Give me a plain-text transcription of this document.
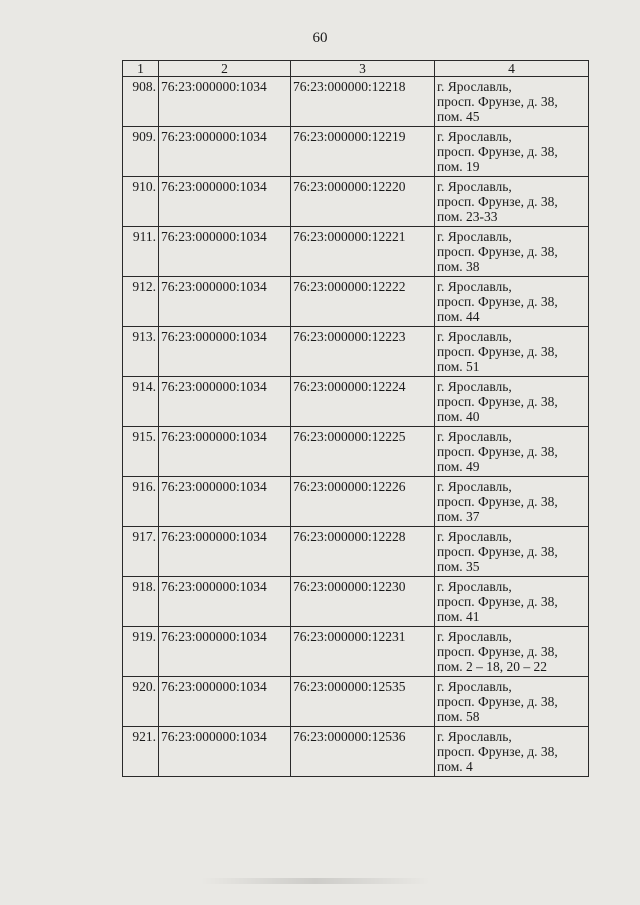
60
1	2	3	4
908.	76:23:000000:1034	76:23:000000:12218	г. Ярославль,
просп. Фрунзе, д. 38,
пом. 45

909.	76:23:000000:1034	76:23:000000:12219	г. Ярославль,
просп. Фрунзе, д. 38,
пом. 19

910.	76:23:000000:1034	76:23:000000:12220	г. Ярославль,
просп. Фрунзе, д. 38,
пом. 23-33

911.	76:23:000000:1034	76:23:000000:12221	г. Ярославль,
просп. Фрунзе, д. 38,
пом. 38

912.	76:23:000000:1034	76:23:000000:12222	г. Ярославль,
просп. Фрунзе, д. 38,
пом. 44

913.	76:23:000000:1034	76:23:000000:12223	г. Ярославль,
просп. Фрунзе, д. 38,
пом. 51

914.	76:23:000000:1034	76:23:000000:12224	г. Ярославль,
просп. Фрунзе, д. 38,
пом. 40

915.	76:23:000000:1034	76:23:000000:12225	г. Ярославль,
просп. Фрунзе, д. 38,
пом. 49

916.	76:23:000000:1034	76:23:000000:12226	г. Ярославль,
просп. Фрунзе, д. 38,
пом. 37

917.	76:23:000000:1034	76:23:000000:12228	г. Ярославль,
просп. Фрунзе, д. 38,
пом. 35

918.	76:23:000000:1034	76:23:000000:12230	г. Ярославль,
просп. Фрунзе, д. 38,
пом. 41

919.	76:23:000000:1034	76:23:000000:12231	г. Ярославль,
просп. Фрунзе, д. 38,
пом. 2 – 18, 20 – 22

920.	76:23:000000:1034	76:23:000000:12535	г. Ярославль,
просп. Фрунзе, д. 38,
пом. 58

921.	76:23:000000:1034	76:23:000000:12536	г. Ярославль,
просп. Фрунзе, д. 38,
пом. 4
